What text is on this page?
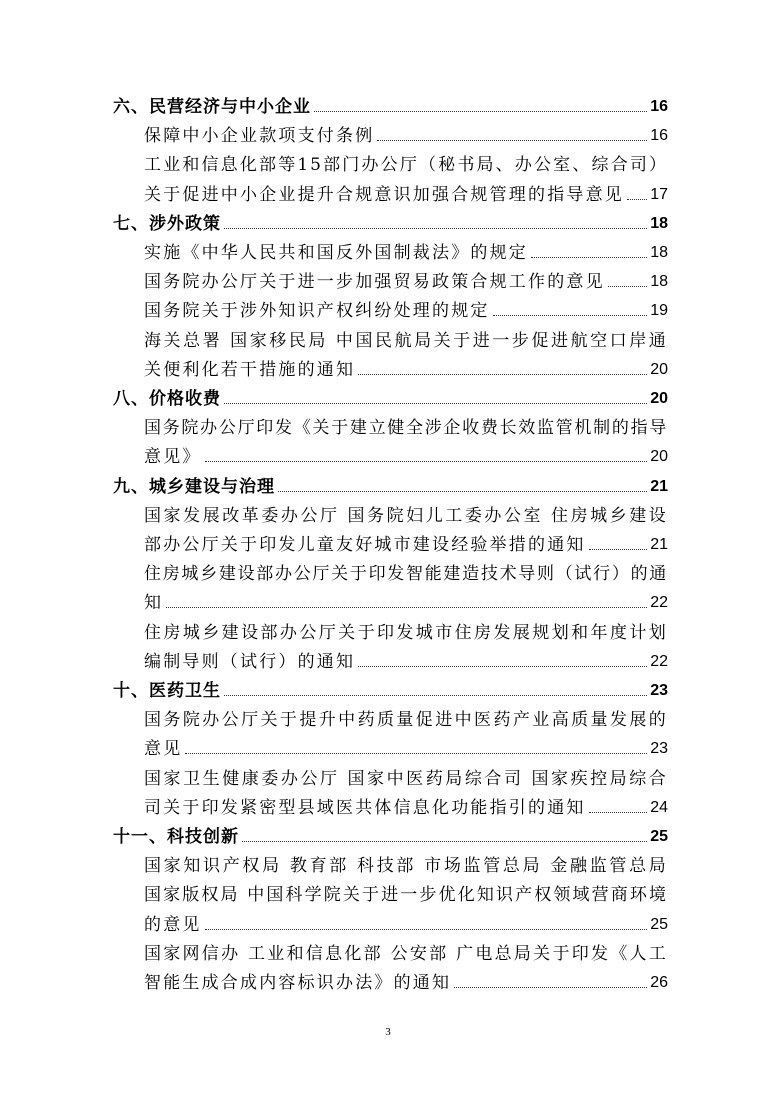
六、民营经济与中小企业	16
保障中小企业款项支付条例	16
工业和信息化部等15部门办公厅（秘书局、办公室、综合司）
关于促进中小企业提升合规意识加强合规管理的指导意见 17
七、涉外政策	18
实施《中华人民共和国反外国制裁法》的规定	18
国务院办公厅关于进一步加强贸易政策合规工作的意见	18
国务院关于涉外知识产权纠纷处理的规定	19
海关总署 国家移民局 中国民航局关于进一步促进航空口岸通
关便利化若干措施的通知	20
八、价格收费	20
国务院办公厅印发《关于建立健全涉企收费长效监管机制的指导
意见》	20
九、城乡建设与治理	21
国家发展改革委办公厅 国务院妇儿工委办公室 住房城乡建设
部办公厅关于印发儿童友好城市建设经验举措的通知	21
住房城乡建设部办公厅关于印发智能建造技术导则（试行）的通
知	22
住房城乡建设部办公厅关于印发城市住房发展规划和年度计划
编制导则（试行）的通知	22
十、医药卫生	23
国务院办公厅关于提升中药质量促进中医药产业高质量发展的
意见	23
国家卫生健康委办公厅 国家中医药局综合司 国家疾控局综合
司关于印发紧密型县域医共体信息化功能指引的通知	24
十一、科技创新	25
国家知识产权局 教育部 科技部 市场监管总局 金融监管总局
国家版权局 中国科学院关于进一步优化知识产权领域营商环境
的意见	25
国家网信办 工业和信息化部 公安部 广电总局关于印发《人工
智能生成合成内容标识办法》的通知	26
3
